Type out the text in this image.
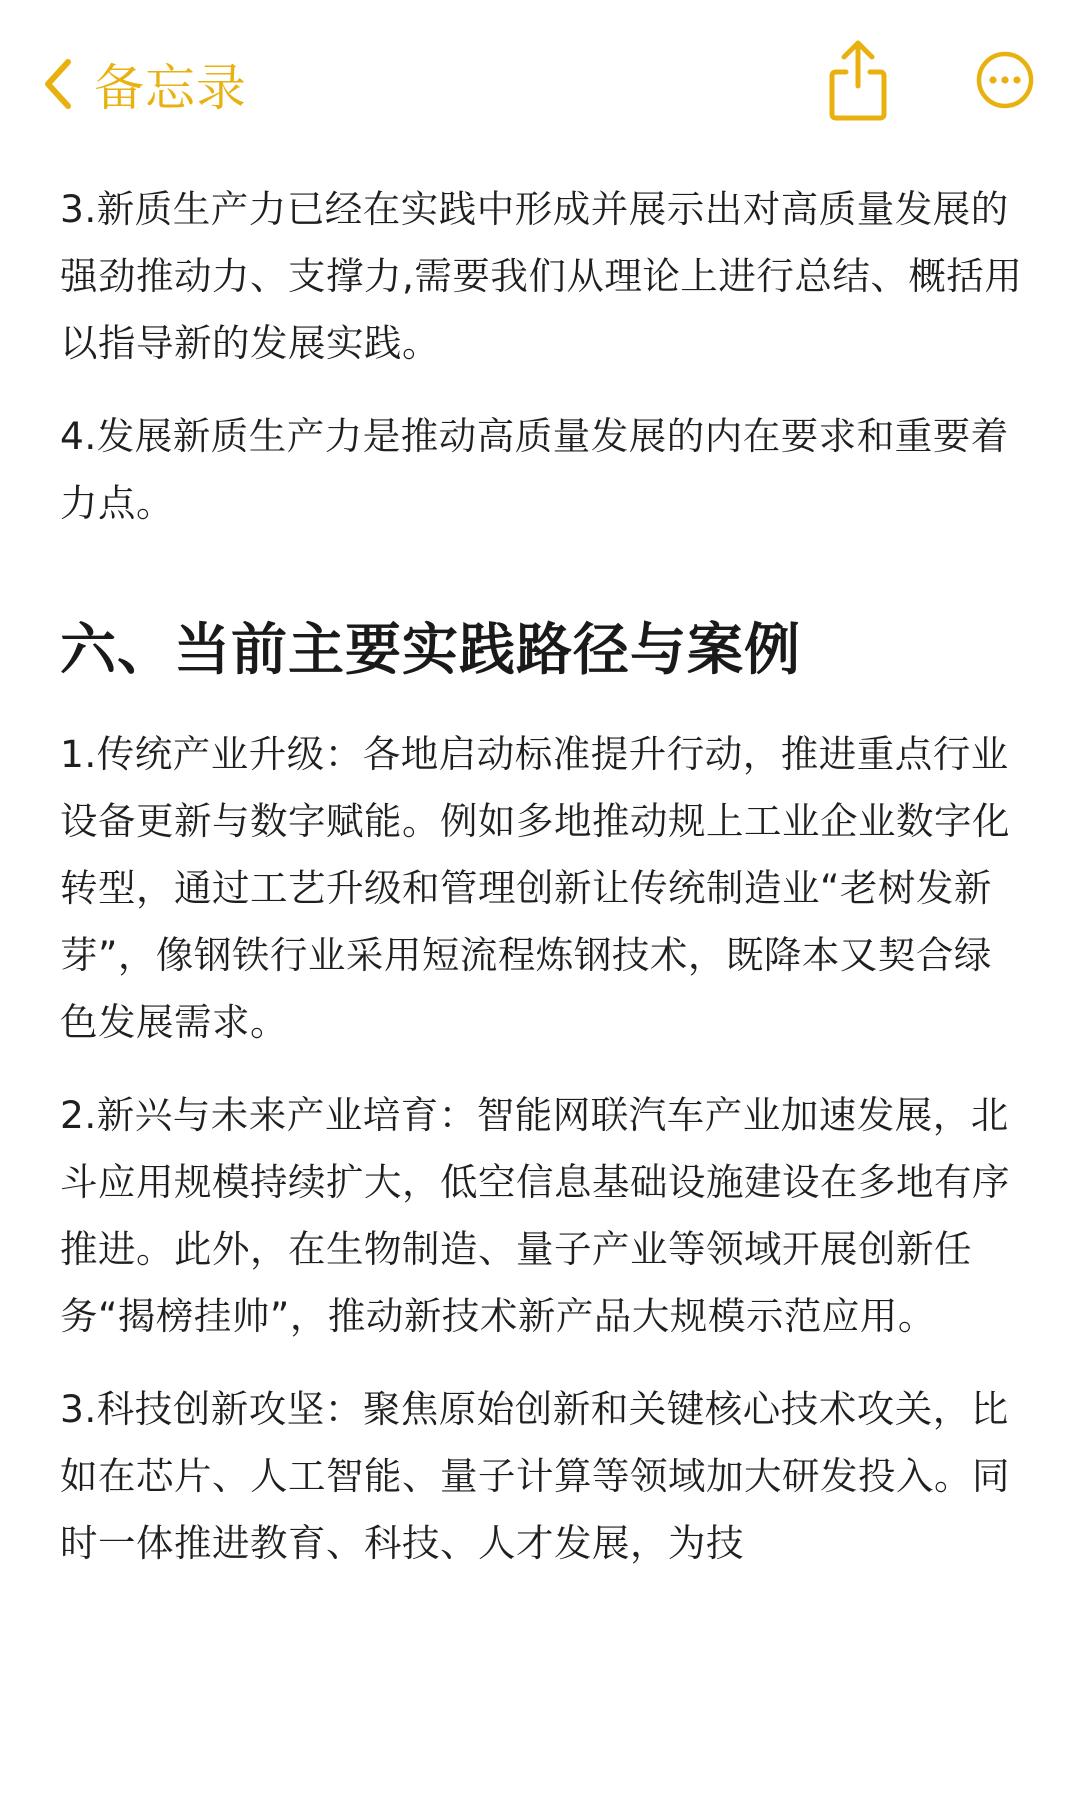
备忘录

3.新质生产力已经在实践中形成并展示出对高质量发展的强劲推动力、支撑力,需要我们从理论上进行总结、概括用以指导新的发展实践。

4.发展新质生产力是推动高质量发展的内在要求和重要着力点。

六、当前主要实践路径与案例

1.传统产业升级：各地启动标准提升行动，推进重点行业设备更新与数字赋能。例如多地推动规上工业企业数字化转型，通过工艺升级和管理创新让传统制造业“老树发新芽”，像钢铁行业采用短流程炼钢技术，既降本又契合绿色发展需求。

2.新兴与未来产业培育：智能网联汽车产业加速发展，北斗应用规模持续扩大，低空信息基础设施建设在多地有序推进。此外，在生物制造、量子产业等领域开展创新任务“揭榜挂帅”，推动新技术新产品大规模示范应用。

3.科技创新攻坚：聚焦原始创新和关键核心技术攻关，比如在芯片、人工智能、量子计算等领域加大研发投入。同时一体推进教育、科技、人才发展，为技
